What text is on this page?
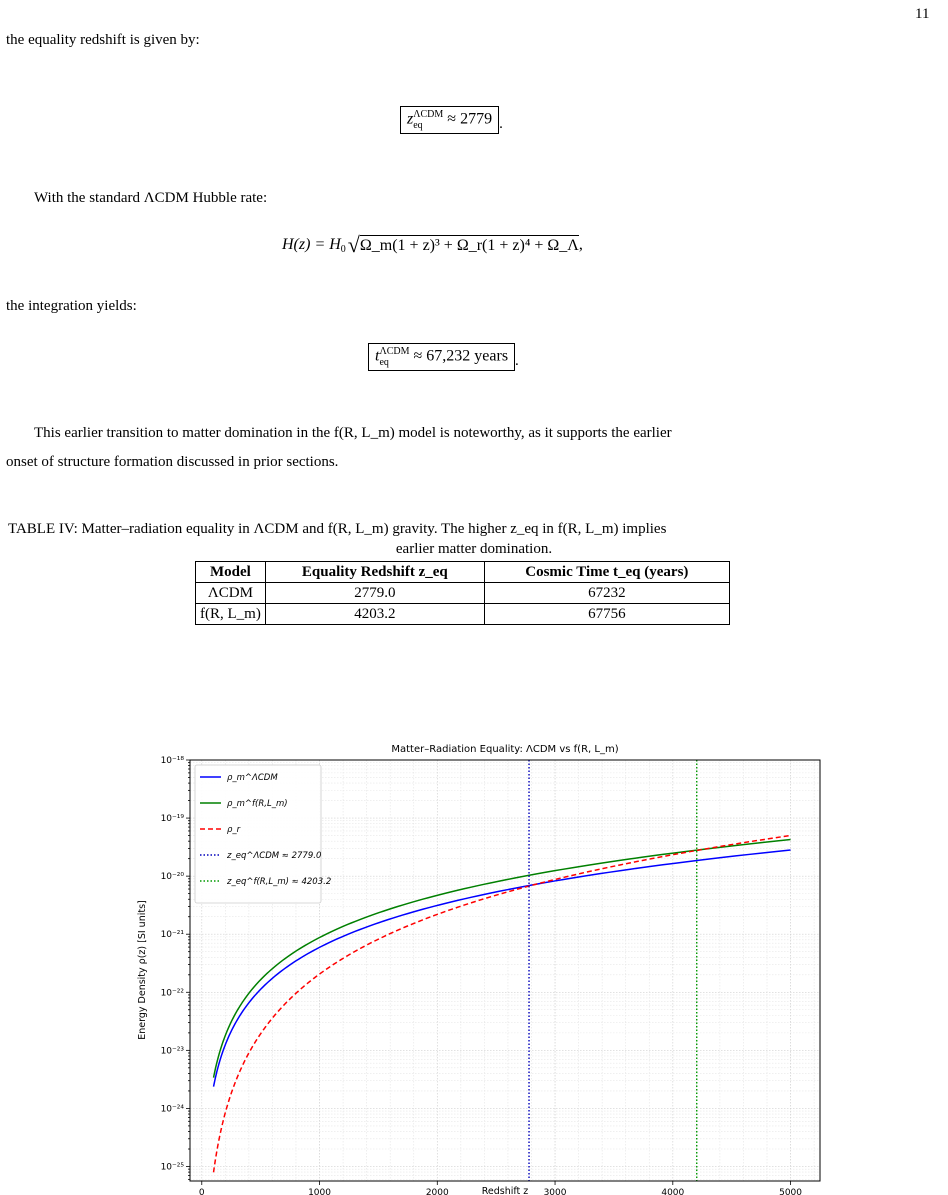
11
the equality redshift is given by:
z ΛCDM
eq	≈ 2779 .
With the standard ΛCDM Hubble rate:
$H(z) = H_0$ √ Ω_m(1 + z)³ + Ω_r(1 + z)⁴ + Ω_Λ ,
the integration yields:
t ΛCDM
eq	≈ 67,232 years .
This earlier transition to matter domination in the f(R, L_m) model is noteworthy, as it supports the earlier
onset of structure formation discussed in prior sections.
TABLE IV: Matter–radiation equality in ΛCDM and f(R, L_m) gravity. The higher z_eq in f(R, L_m) implies
earlier matter domination.
Model	Equality Redshift z_eq	Cosmic Time t_eq (years)
ΛCDM	2779.0	67232
f(R, L_m)	4203.2	67756
Matter–Radiation Equality: ΛCDM vs f(R, L_m)
0	1000	2000	3000	4000	5000
10⁻²⁵
10⁻²⁴
10⁻²³
10⁻²²
10⁻²¹
10⁻²⁰
10⁻¹⁹
10⁻¹⁸
Redshift z
Energy Density ρ(z) [SI units]
ρ_m^ΛCDM
ρ_m^f(R,L_m)
ρ_r
z_eq^ΛCDM ≈ 2779.0
z_eq^f(R,L_m) ≈ 4203.2
